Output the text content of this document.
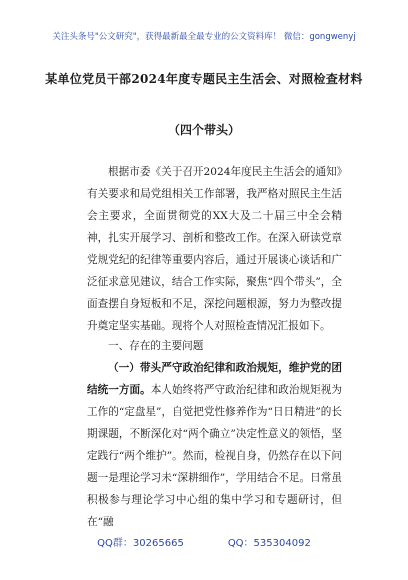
关注头条号"公文研究"，获得最新最全最专业的公文资料库！ 微信：gongwenyj
某单位党员干部2024年度专题民主生活会、对照检查材料
（四个带头）

根据市委《关于召开2024年度民主生活会的通知》有关要求和局党组相关工作部署，我严格对照民主生活会主要求，全面贯彻党的XX大及二十届三中全会精神，扎实开展学习、剖析和整改工作。在深入研读党章党规党纪的纪律等重要内容后，通过开展谈心谈话和广泛征求意见建议，结合工作实际，聚焦“四个带头”，全面查摆自身短板和不足，深挖问题根源，努力为整改提升奠定坚实基础。现将个人对照检查情况汇报如下。

一、存在的主要问题

（一）带头严守政治纪律和政治规矩，维护党的团结统一方面。本人始终将严守政治纪律和政治规矩视为工作的“定盘星”，自觉把党性修养作为“日日精进”的长期课题，不断深化对“两个确立”决定性意义的领悟，坚定践行“两个维护”。然而，检视自身，仍然存在以下问题一是理论学习未“深耕细作”，学用结合不足。日常虽积极参与理论学习中心组的集中学习和专题研讨，但在“融

QQ群：30265665	QQ：535304092
